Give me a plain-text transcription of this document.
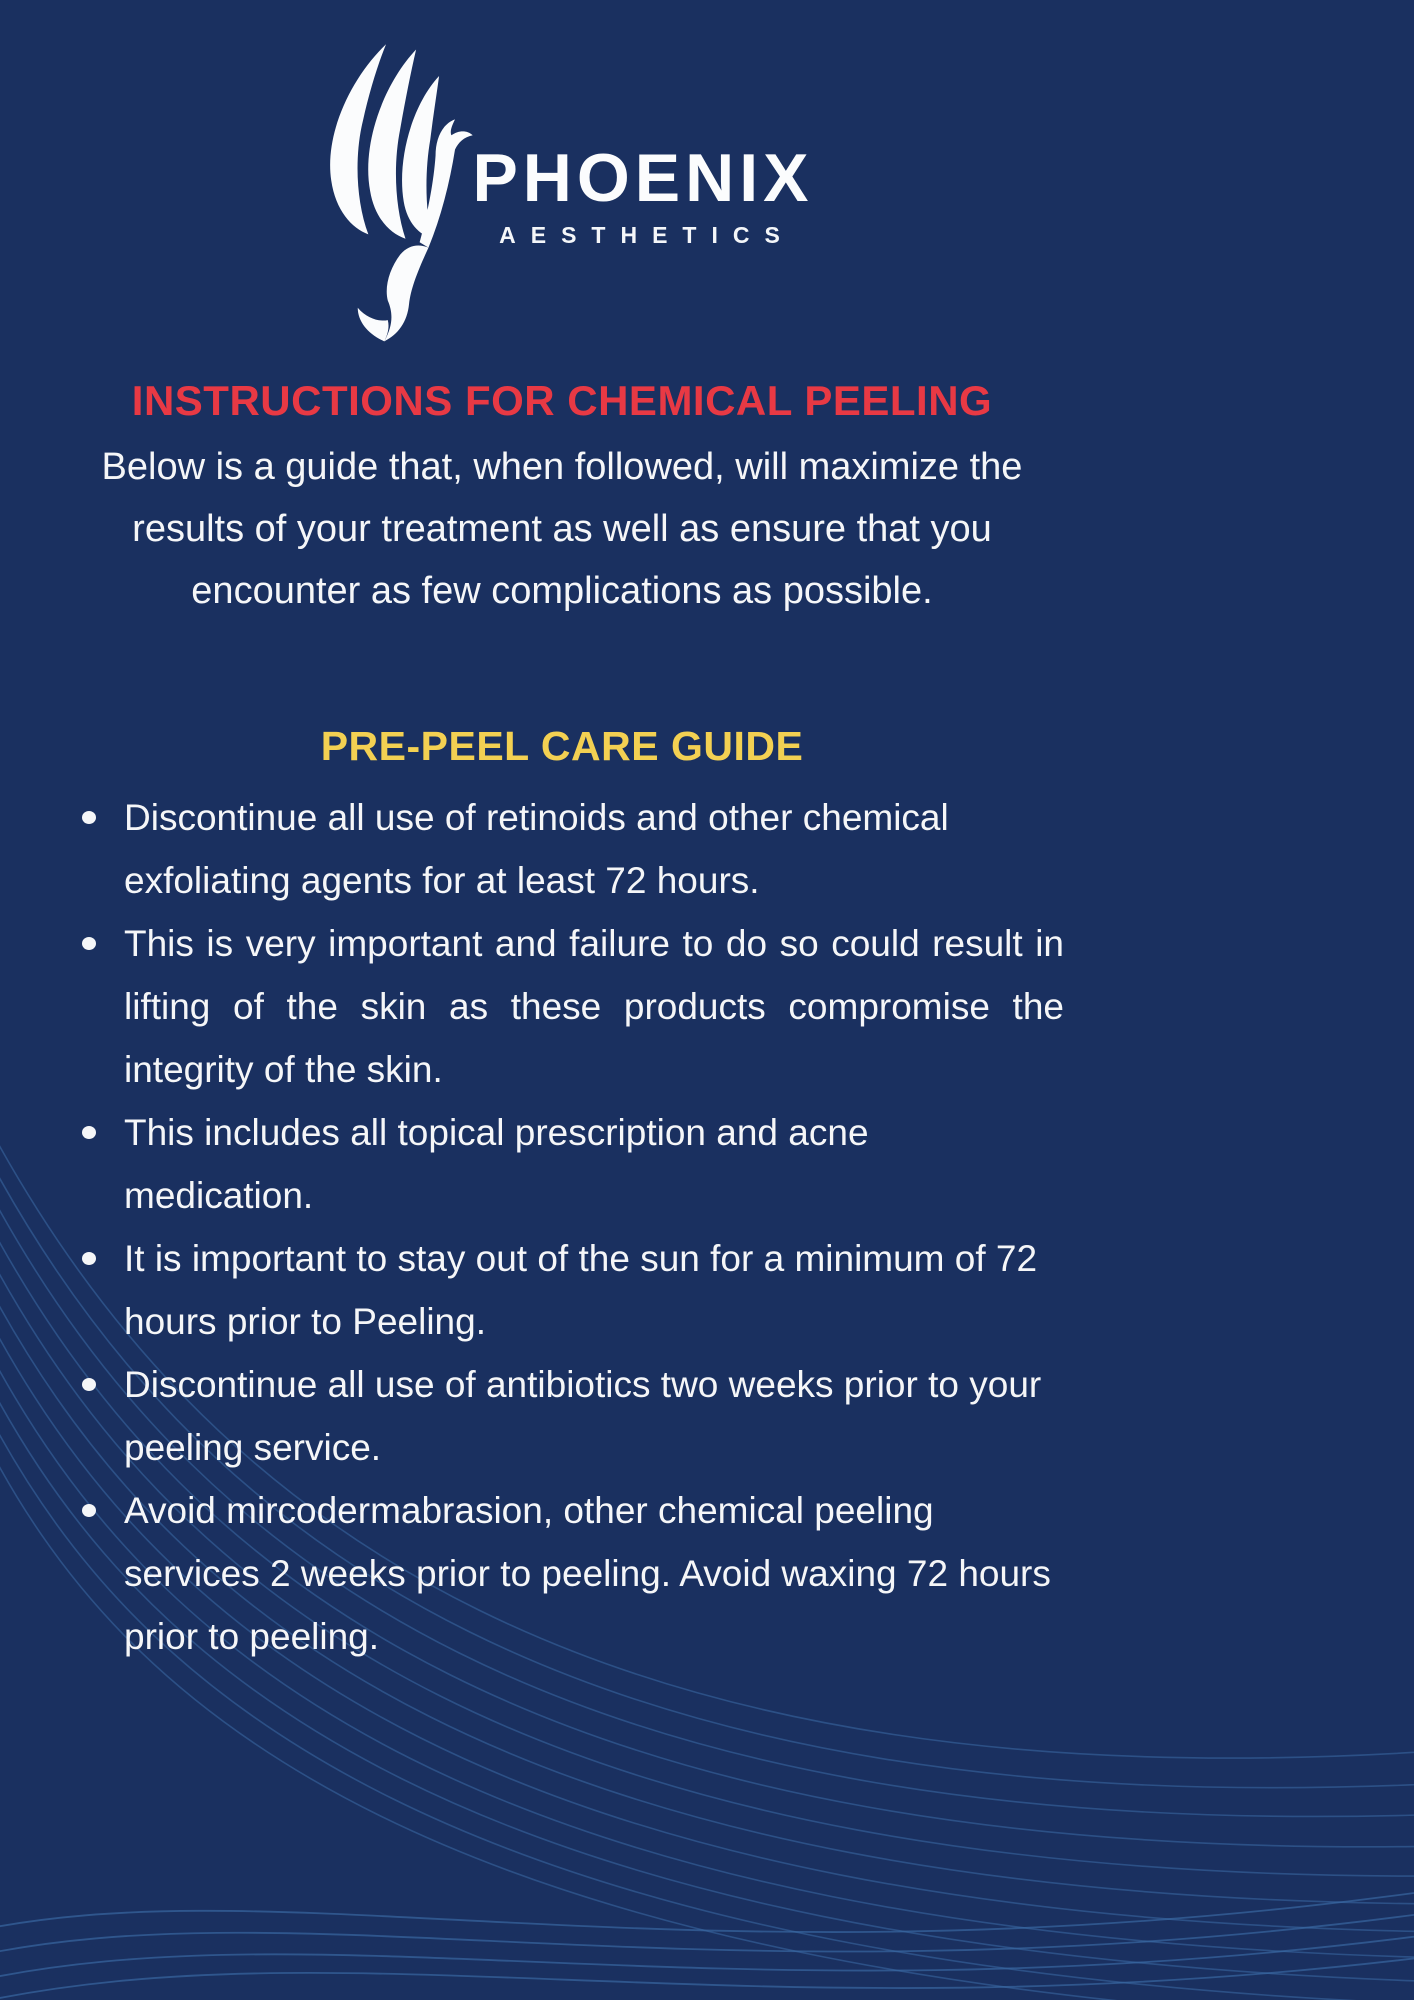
PHOENIX
AESTHETICS
INSTRUCTIONS FOR CHEMICAL PEELING

Below is a guide that, when followed, will maximize the results of your treatment as well as ensure that you encounter as few complications as possible.

PRE-PEEL CARE GUIDE
Discontinue all use of retinoids and other chemical exfoliating agents for at least 72 hours.
This is very important and failure to do so could result in lifting of the skin as these products compromise the integrity of the skin.
This includes all topical prescription and acne medication.
It is important to stay out of the sun for a minimum of 72 hours prior to Peeling.
Discontinue all use of antibiotics two weeks prior to your peeling service.
Avoid mircodermabrasion, other chemical peeling services 2 weeks prior to peeling. Avoid waxing 72 hours prior to peeling.
